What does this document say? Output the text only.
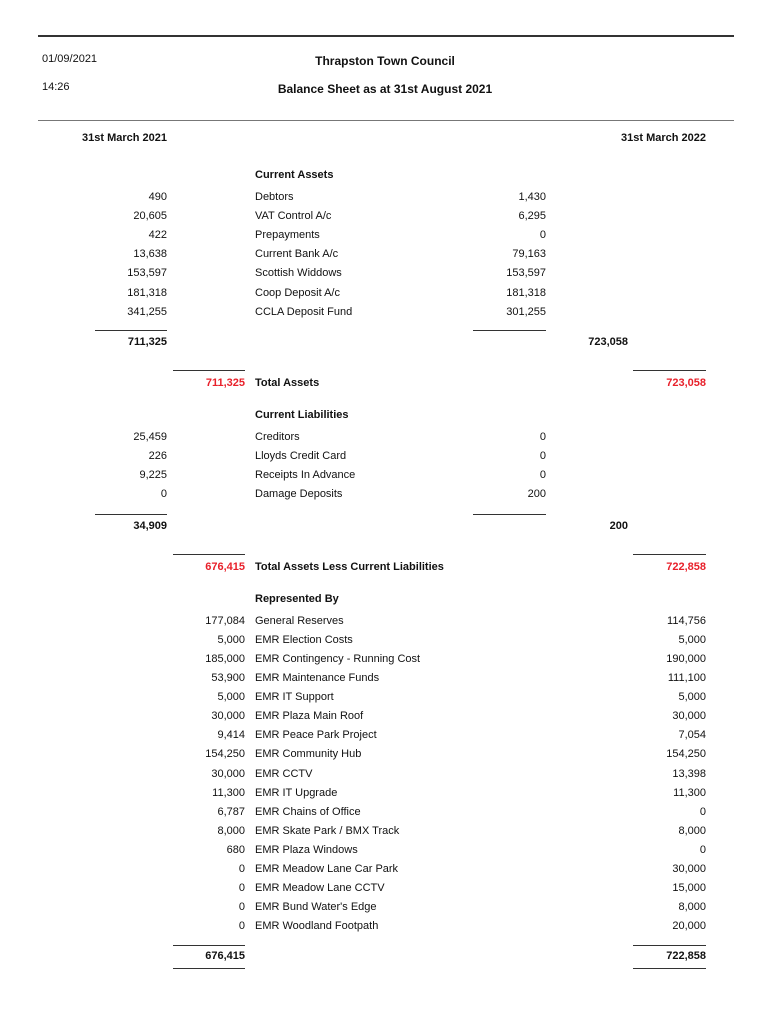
01/09/2021
14:26
Thrapston Town Council
Balance Sheet as at 31st August 2021
31st March 2021	31st March 2022
Current Assets
490	Debtors	1,430
20,605	VAT Control A/c	6,295
422	Prepayments	0
13,638	Current Bank A/c	79,163
153,597	Scottish Widdows	153,597
181,318	Coop Deposit A/c	181,318
341,255	CCLA Deposit Fund	301,255
711,325	723,058
711,325 Total Assets	723,058
Current Liabilities
25,459	Creditors	0
226	Lloyds Credit Card	0
9,225	Receipts In Advance	0
0	Damage Deposits	200
34,909	200
676,415 Total Assets Less Current Liabilities	722,858
Represented By
177,084 General Reserves	114,756
5,000 EMR Election Costs	5,000
185,000 EMR Contingency - Running Cost	190,000
53,900 EMR Maintenance Funds	111,100
5,000 EMR IT Support	5,000
30,000 EMR Plaza Main Roof	30,000
9,414 EMR Peace Park Project	7,054
154,250 EMR Community Hub	154,250
30,000 EMR CCTV	13,398
11,300 EMR IT Upgrade	11,300
6,787 EMR Chains of Office	0
8,000 EMR Skate Park / BMX Track	8,000
680 EMR Plaza Windows	0
0 EMR Meadow Lane Car Park	30,000
0 EMR Meadow Lane CCTV	15,000
0 EMR Bund Water's Edge	8,000
0 EMR Woodland Footpath	20,000
676,415	722,858
